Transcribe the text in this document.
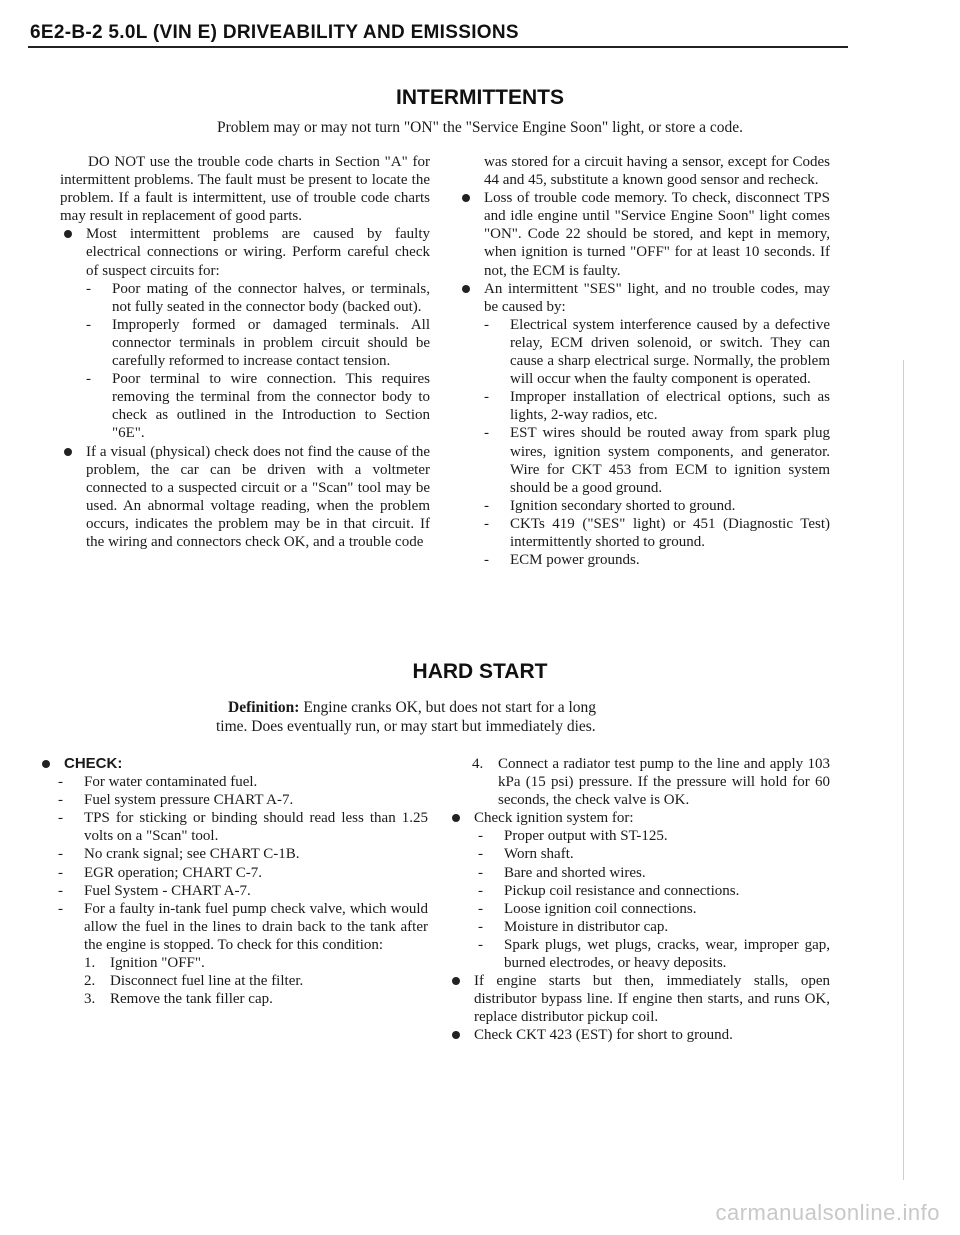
6E2-B-2 5.0L (VIN E) DRIVEABILITY AND EMISSIONS
INTERMITTENTS
Problem may or may not turn "ON" the "Service Engine Soon" light, or store a code.

DO NOT use the trouble code charts in Section "A" for intermittent problems. The fault must be present to locate the problem. If a fault is intermittent, use of trouble code charts may result in replacement of good parts.

Most intermittent problems are caused by faulty electrical connections or wiring. Perform careful check of suspect circuits for:

- Poor mating of the connector halves, or terminals, not fully seated in the connector body (backed out).

- Improperly formed or damaged terminals. All connector terminals in problem circuit should be carefully reformed to increase contact tension.

- Poor terminal to wire connection. This requires removing the terminal from the connector body to check as outlined in the Introduction to Section "6E".

If a visual (physical) check does not find the cause of the problem, the car can be driven with a voltmeter connected to a suspected circuit or a "Scan" tool may be used. An abnormal voltage reading, when the problem occurs, indicates the problem may be in that circuit. If the wiring and connectors check OK, and a trouble code

was stored for a circuit having a sensor, except for Codes 44 and 45, substitute a known good sensor and recheck.

Loss of trouble code memory. To check, disconnect TPS and idle engine until "Service Engine Soon" light comes "ON". Code 22 should be stored, and kept in memory, when ignition is turned "OFF" for at least 10 seconds. If not, the ECM is faulty.

An intermittent "SES" light, and no trouble codes, may be caused by:

- Electrical system interference caused by a defective relay, ECM driven solenoid, or switch. They can cause a sharp electrical surge. Normally, the problem will occur when the faulty component is operated.

- Improper installation of electrical options, such as lights, 2-way radios, etc.

- EST wires should be routed away from spark plug wires, ignition system components, and generator. Wire for CKT 453 from ECM to ignition system should be a good ground.

- Ignition secondary shorted to ground.

- CKTs 419 ("SES" light) or 451 (Diagnostic Test) intermittently shorted to ground.

- ECM power grounds.

HARD START
Definition: Engine cranks OK, but does not start for a long
time. Does eventually run, or may start but immediately dies.

CHECK:

- For water contaminated fuel.

- Fuel system pressure CHART A-7.

- TPS for sticking or binding should read less than 1.25 volts on a "Scan" tool.

- No crank signal; see CHART C-1B.

- EGR operation; CHART C-7.

- Fuel System - CHART A-7.

- For a faulty in-tank fuel pump check valve, which would allow the fuel in the lines to drain back to the tank after the engine is stopped. To check for this condition:

1. Ignition "OFF".

2. Disconnect fuel line at the filter.

3. Remove the tank filler cap.

4. Connect a radiator test pump to the line and apply 103 kPa (15 psi) pressure. If the pressure will hold for 60 seconds, the check valve is OK.

Check ignition system for:

- Proper output with ST-125.

- Worn shaft.

- Bare and shorted wires.

- Pickup coil resistance and connections.

- Loose ignition coil connections.

- Moisture in distributor cap.

- Spark plugs, wet plugs, cracks, wear, improper gap, burned electrodes, or heavy deposits.

If engine starts but then, immediately stalls, open distributor bypass line. If engine then starts, and runs OK, replace distributor pickup coil.

Check CKT 423 (EST) for short to ground.

carmanualsonline.info
